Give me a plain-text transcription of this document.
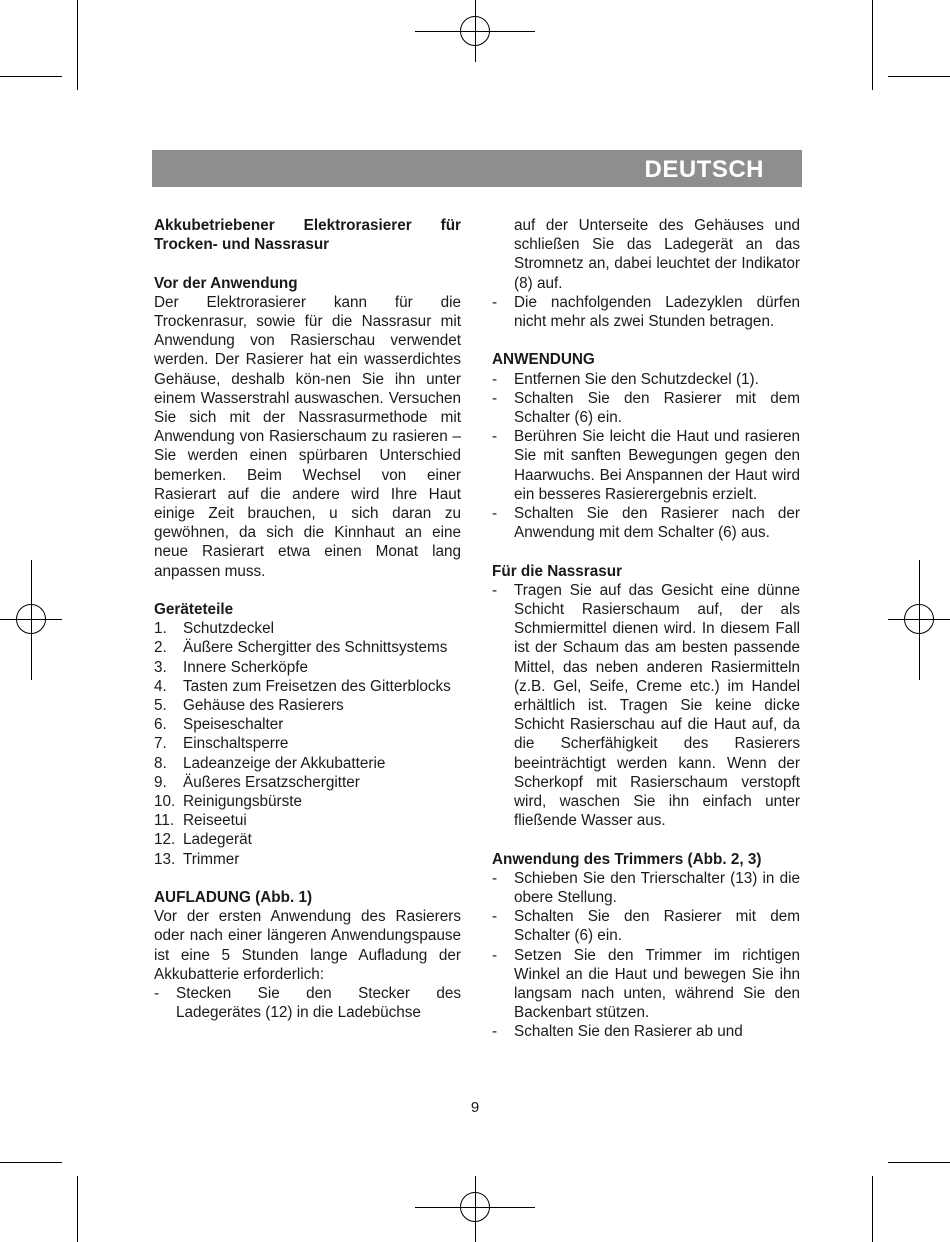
DEUTSCH
Akkubetriebener Elektrorasierer für Trocken- und Nassrasur
Vor der Anwendung

Der Elektrorasierer kann für die Trockenrasur, sowie für die Nassrasur mit Anwendung von Rasierschau verwendet werden. Der Rasierer hat ein wasserdichtes Gehäuse, deshalb kön-nen Sie ihn unter einem Wasserstrahl auswaschen. Versuchen Sie sich mit der Nassrasurmethode mit Anwendung von Rasierschaum zu rasieren – Sie werden einen spürbaren Unterschied bemerken. Beim Wechsel von einer Rasierart auf die andere wird Ihre Haut einige Zeit brauchen, u sich daran zu gewöhnen, da sich die Kinnhaut an eine neue Rasierart etwa einen Monat lang anpassen muss.

Geräteteile
1.	Schutzdeckel
2.	Äußere Schergitter des Schnittsystems
3.	Innere Scherköpfe
4.	Tasten zum Freisetzen des Gitterblocks
5.	Gehäuse des Rasierers
6.	Speiseschalter
7.	Einschaltsperre
8.	Ladeanzeige der Akkubatterie
9.	Äußeres Ersatzschergitter
10. Reinigungsbürste
11. Reiseetui
12. Ladegerät
13. Trimmer
AUFLADUNG (Abb. 1)

Vor der ersten Anwendung des Rasierers oder nach einer längeren Anwendungspause ist eine 5 Stunden lange Aufladung der Akkubatterie erforderlich:

-	Stecken Sie den Stecker des Ladegerätes (12) in die Ladebüchse

auf der Unterseite des Gehäuses und schließen Sie das Ladegerät an das Stromnetz an, dabei leuchtet der Indikator (8) auf.

-	Die nachfolgenden Ladezyklen dürfen nicht mehr als zwei Stunden betragen.
ANWENDUNG
-	Entfernen Sie den Schutzdeckel (1).
-	Schalten Sie den Rasierer mit dem Schalter (6) ein.
-	Berühren Sie leicht die Haut und rasieren Sie mit sanften Bewegungen gegen den Haarwuchs. Bei Anspannen der Haut wird ein besseres Rasierergebnis erzielt.
-	Schalten Sie den Rasierer nach der Anwendung mit dem Schalter (6) aus.
Für die Nassrasur
-	Tragen Sie auf das Gesicht eine dünne Schicht Rasierschaum auf, der als Schmiermittel dienen wird. In diesem Fall ist der Schaum das am besten passende Mittel, das neben anderen Rasiermitteln (z.B. Gel, Seife, Creme etc.) im Handel erhältlich ist. Tragen Sie keine dicke Schicht Rasierschau auf die Haut auf, da die Scherfähigkeit des Rasierers beeinträchtigt werden kann. Wenn der Scherkopf mit Rasierschaum verstopft wird, waschen Sie ihn einfach unter fließende Wasser aus.
Anwendung des Trimmers (Abb. 2, 3)
-	Schieben Sie den Trierschalter (13) in die obere Stellung.
-	Schalten Sie den Rasierer mit dem Schalter (6) ein.
-	Setzen Sie den Trimmer im richtigen Winkel an die Haut und bewegen Sie ihn langsam nach unten, während Sie den Backenbart stützen.
-	Schalten Sie den Rasierer ab und
9
